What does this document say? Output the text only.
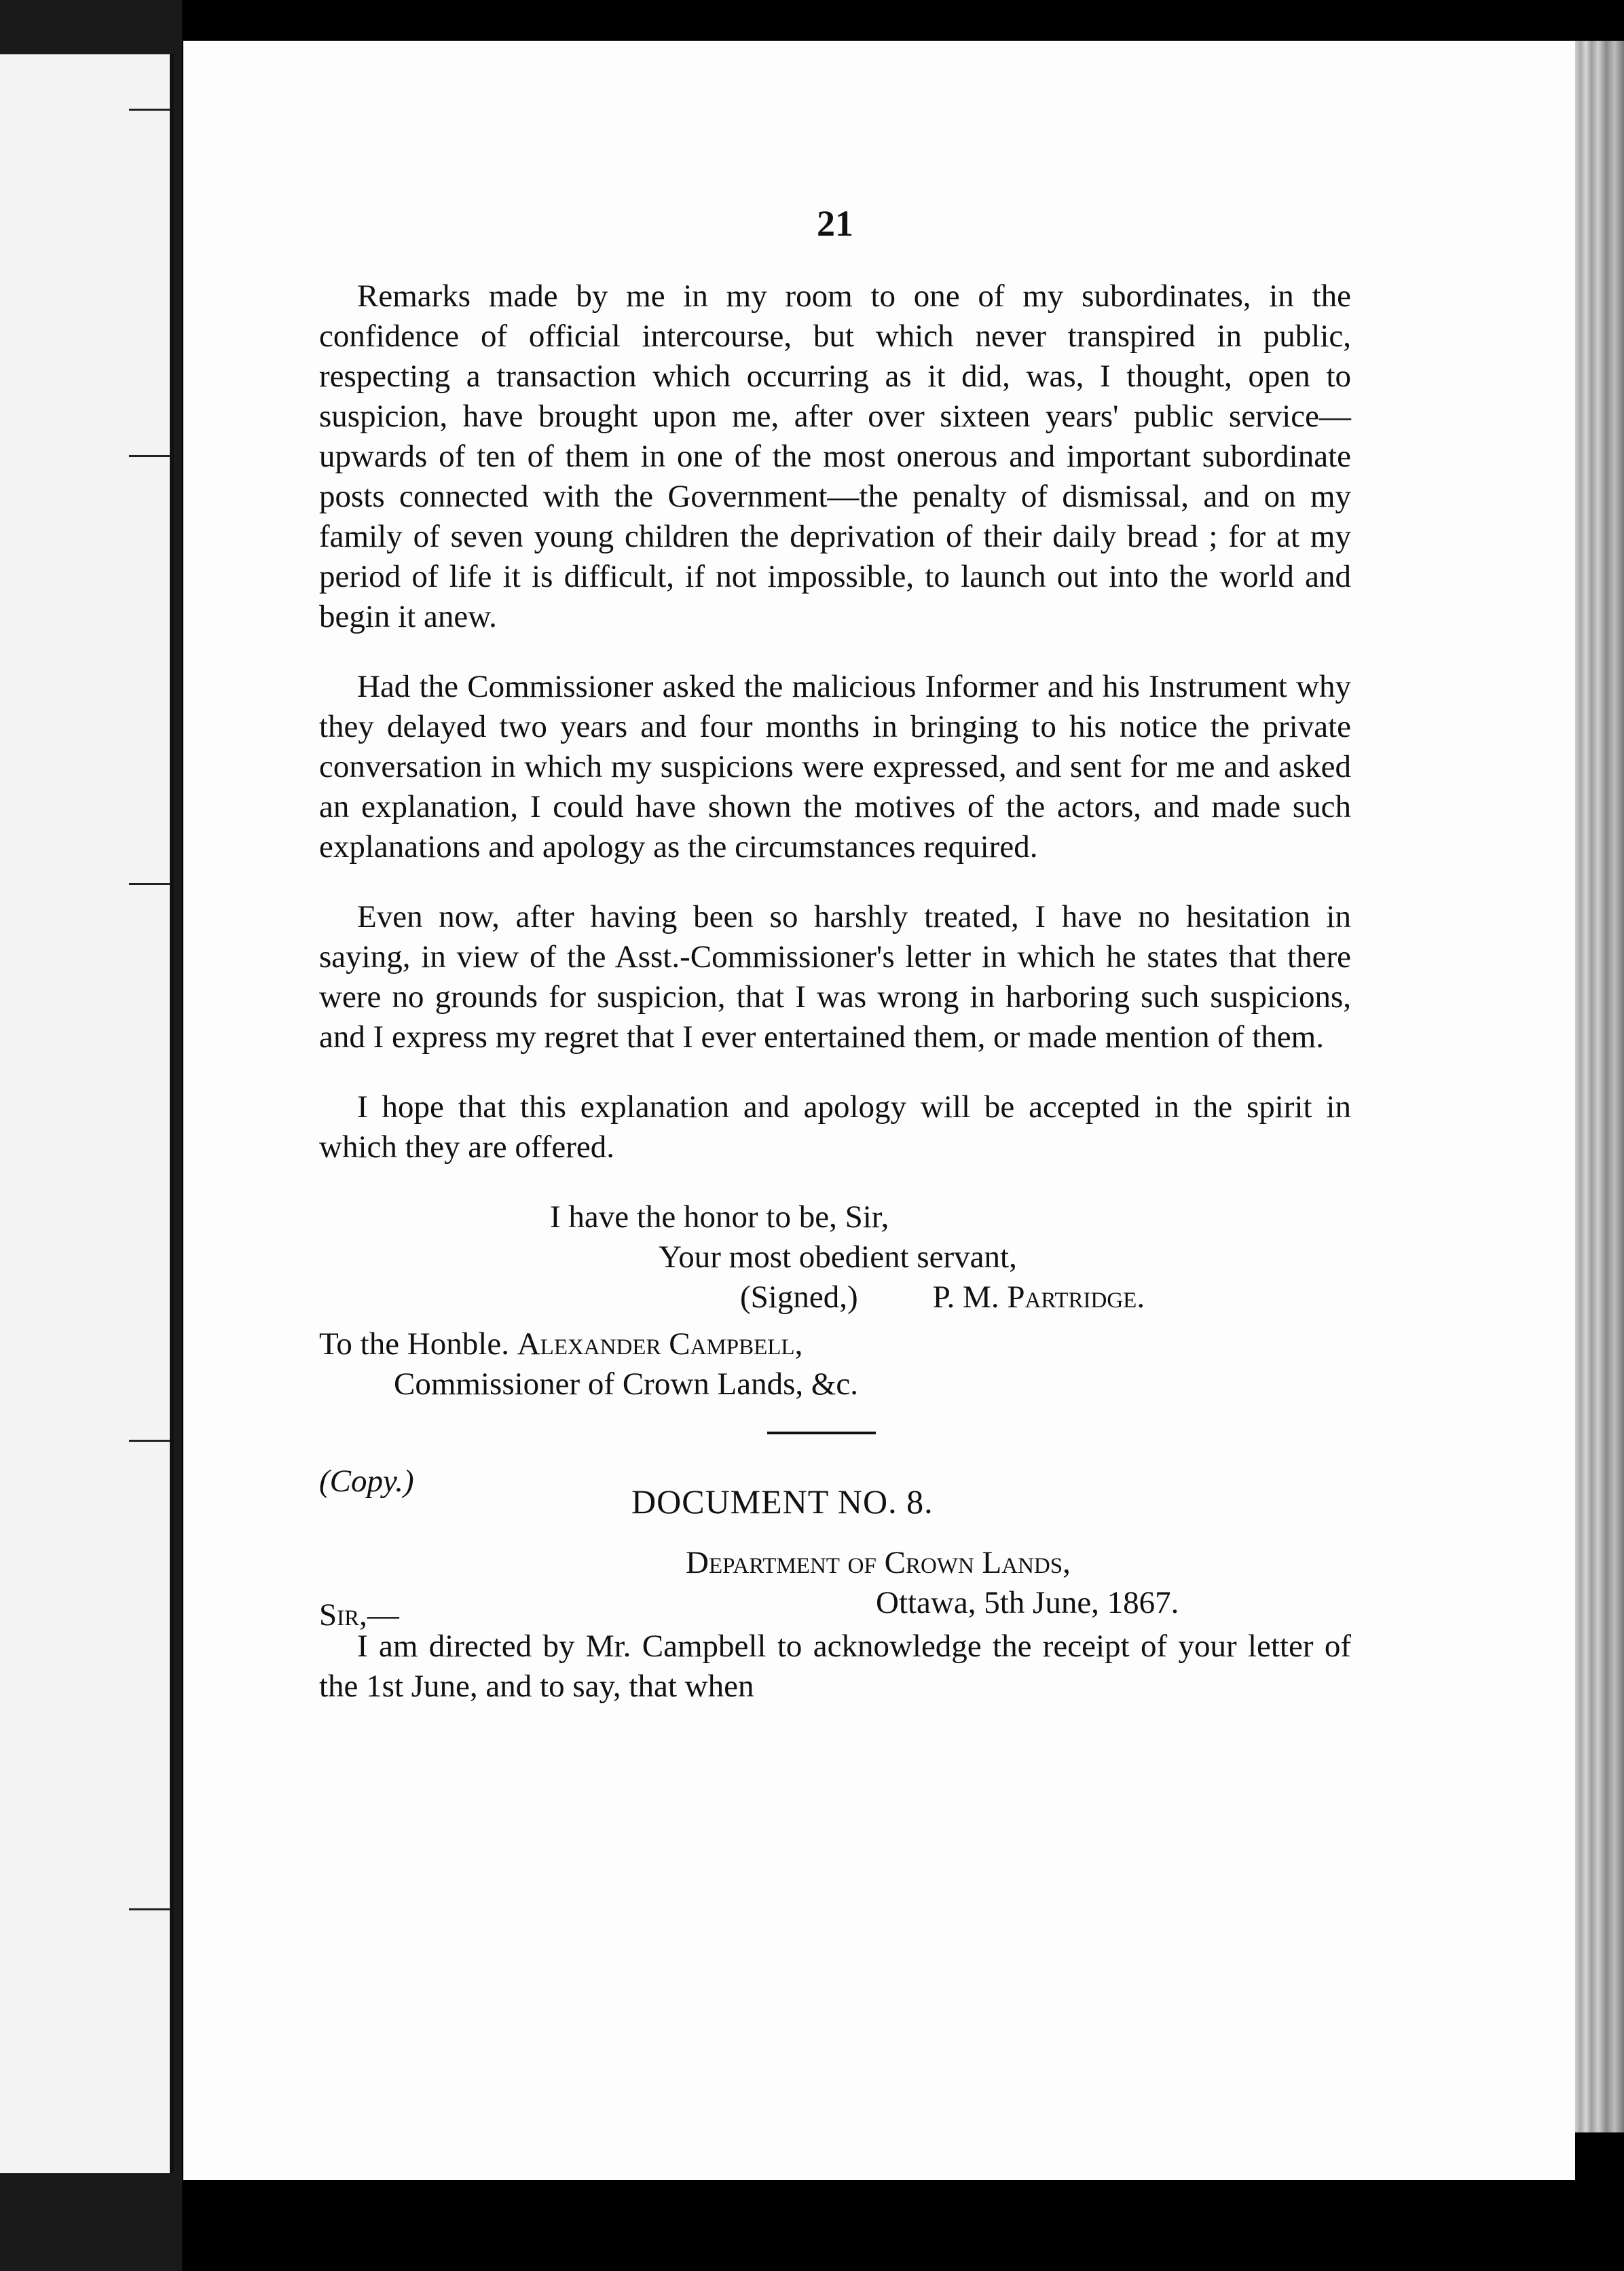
21

Remarks made by me in my room to one of my subordinates, in the confidence of official intercourse, but which never transpired in public, respecting a transaction which occurring as it did, was, I thought, open to suspicion, have brought upon me, after over sixteen years' public service—upwards of ten of them in one of the most onerous and important subordinate posts connected with the Government—the penalty of dismissal, and on my family of seven young children the deprivation of their daily bread ; for at my period of life it is difficult, if not impossible, to launch out into the world and begin it anew.

Had the Commissioner asked the malicious Informer and his Instrument why they delayed two years and four months in bringing to his notice the private conversation in which my suspicions were expressed, and sent for me and asked an explanation, I could have shown the motives of the actors, and made such explanations and apology as the circumstances required.

Even now, after having been so harshly treated, I have no hesitation in saying, in view of the Asst.-Commissioner's letter in which he states that there were no grounds for suspicion, that I was wrong in harboring such suspicions, and I express my regret that I ever entertained them, or made mention of them.

I hope that this explanation and apology will be accepted in the spirit in which they are offered.

I have the honor to be, Sir,

Your most obedient servant,

(Signed,) P. M. Partridge.

To the Honble. Alexander Campbell,

Commissioner of Crown Lands, &c.

(Copy.)
DOCUMENT NO. 8.

Department of Crown Lands,

Sir,—	Ottawa, 5th June, 1867.

I am directed by Mr. Campbell to acknowledge the receipt of your letter of the 1st June, and to say, that when
